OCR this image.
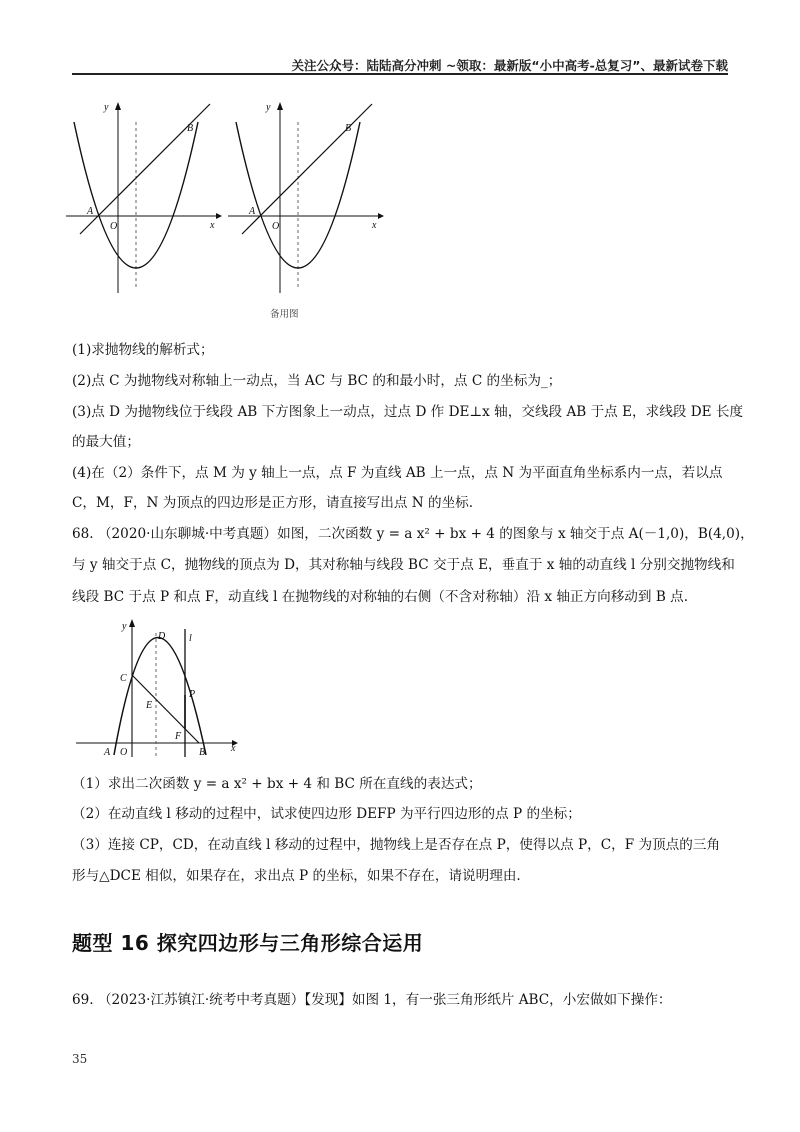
关注公众号：陆陆高分冲刺 ~领取：最新版“小中高考-总复习”、最新试卷下载
y
x
O
A
B
y
x
O
A
B
备用图
(1)求抛物线的解析式；
(2)点 C 为抛物线对称轴上一动点，当 AC 与 BC 的和最小时，点 C 的坐标为_；
(3)点 D 为抛物线位于线段 AB 下方图象上一动点，过点 D 作 DE⊥x 轴，交线段 AB 于点 E，求线段 DE 长度
的最大值；
(4)在（2）条件下，点 M 为 y 轴上一点，点 F 为直线 AB 上一点，点 N 为平面直角坐标系内一点，若以点
C，M，F，N 为顶点的四边形是正方形，请直接写出点 N 的坐标.
68. （2020·山东聊城·中考真题）如图，二次函数 y = a x² + bx + 4 的图象与 x 轴交于点 A(－1,0)，B(4,0)，
与 y 轴交于点 C，抛物线的顶点为 D，其对称轴与线段 BC 交于点 E，垂直于 x 轴的动直线 l 分别交抛物线和
线段 BC 于点 P 和点 F，动直线 l 在抛物线的对称轴的右侧（不含对称轴）沿 x 轴正方向移动到 B 点.
y
x
O
A	B
C
D
E
F
P
l
（1）求出二次函数 y = a x² + bx + 4 和 BC 所在直线的表达式；
（2）在动直线 l 移动的过程中，试求使四边形 DEFP 为平行四边形的点 P 的坐标；
（3）连接 CP，CD，在动直线 l 移动的过程中，抛物线上是否存在点 P，使得以点 P，C，F 为顶点的三角
形与△DCE 相似，如果存在，求出点 P 的坐标，如果不存在，请说明理由.
题型 16 探究四边形与三角形综合运用
69. （2023·江苏镇江·统考中考真题）【发现】如图 1，有一张三角形纸片 ABC，小宏做如下操作：
35
